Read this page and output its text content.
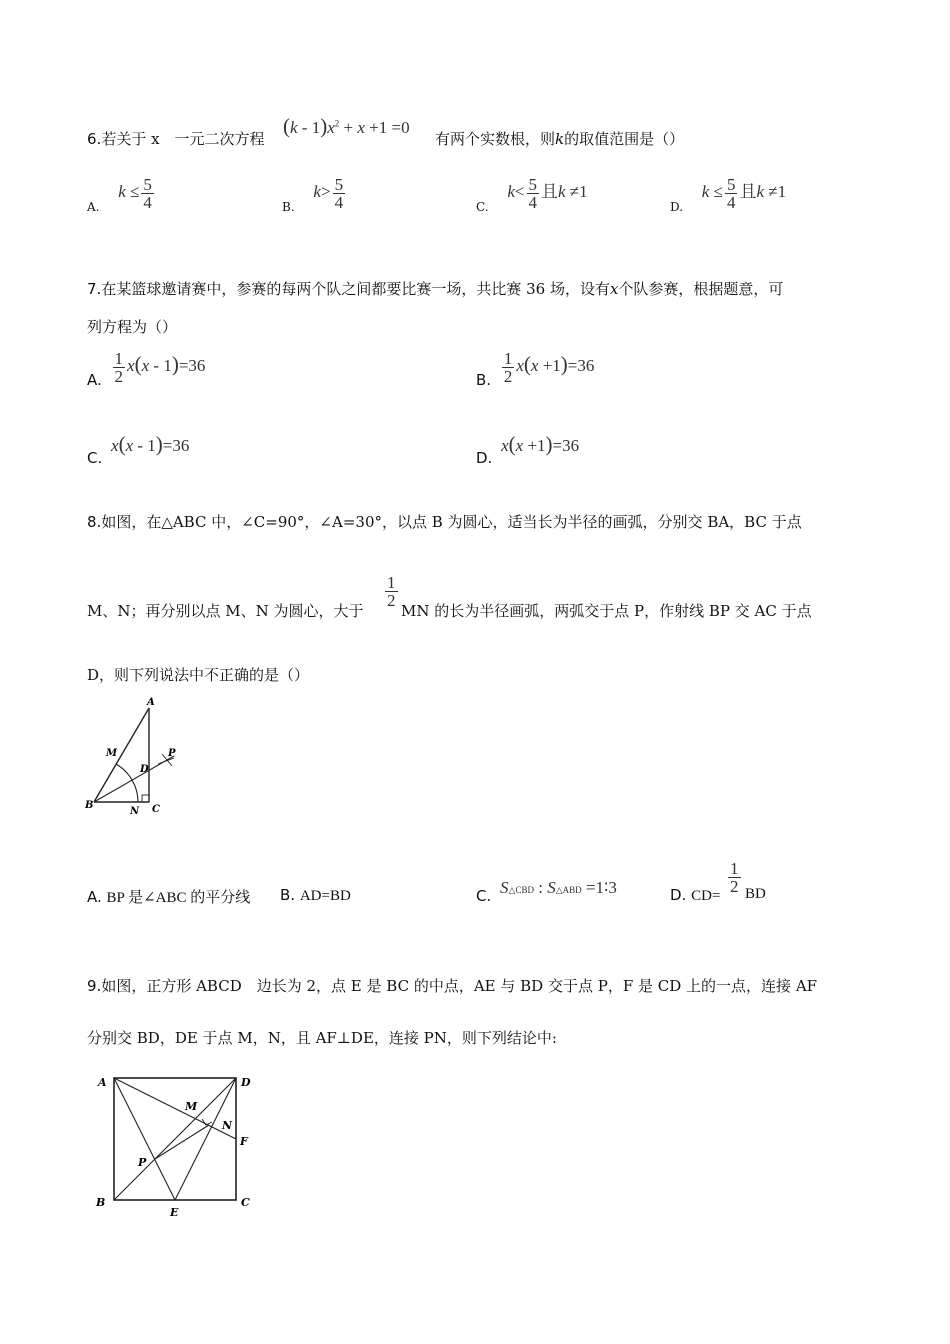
6.若关于 x　一元二次方程
$(k - 1)x^2 + x +1 =0$
有两个实数根，则k的取值范围是（）
$_{A.}$ $k \le \frac{5}{4}$	$_{B.}$ $k> \frac{5}{4}$	$_{C.}$ $k< \frac{5}{4}$ 且k ≠1
$_{D.}$ $k \le \frac{5}{4}$ 且k ≠1
7.在某篮球邀请赛中，参赛的每两个队之间都要比赛一场，共比赛 36 场，设有x个队参赛，根据题意，可
列方程为（）
A. $\frac{1}{2} x(x - 1)=36$
B. $\frac{1}{2} x(x +1)=36$
C. x(x - 1)=36
D. x(x +1)=36
8.如图，在△ABC 中，∠C=90°，∠A=30°，以点 B 为圆心，适当长为半径的画弧，分别交 BA，BC 于点
M、N；再分别以点 M、N 为圆心，大于
$\frac{1}{2}$
MN 的长为半径画弧，两弧交于点 P，作射线 BP 交 AC 于点
D，则下列说法中不正确的是（）
A
M	P
D
B
N C
A. BP 是∠ABC 的平分线 B. AD=BD	C. S△CBD : S△ABD =1∶3	D. CD=
$\frac{1}{2}$ BD
9.如图，正方形 ABCD　边长为 2，点 E 是 BC 的中点，AE 与 BD 交于点 P，F 是 CD 上的一点，连接 AF
分别交 BD，DE 于点 M，N，且 AF⊥DE，连接 PN，则下列结论中:
A	D
M
N
F
P
B
E
C
